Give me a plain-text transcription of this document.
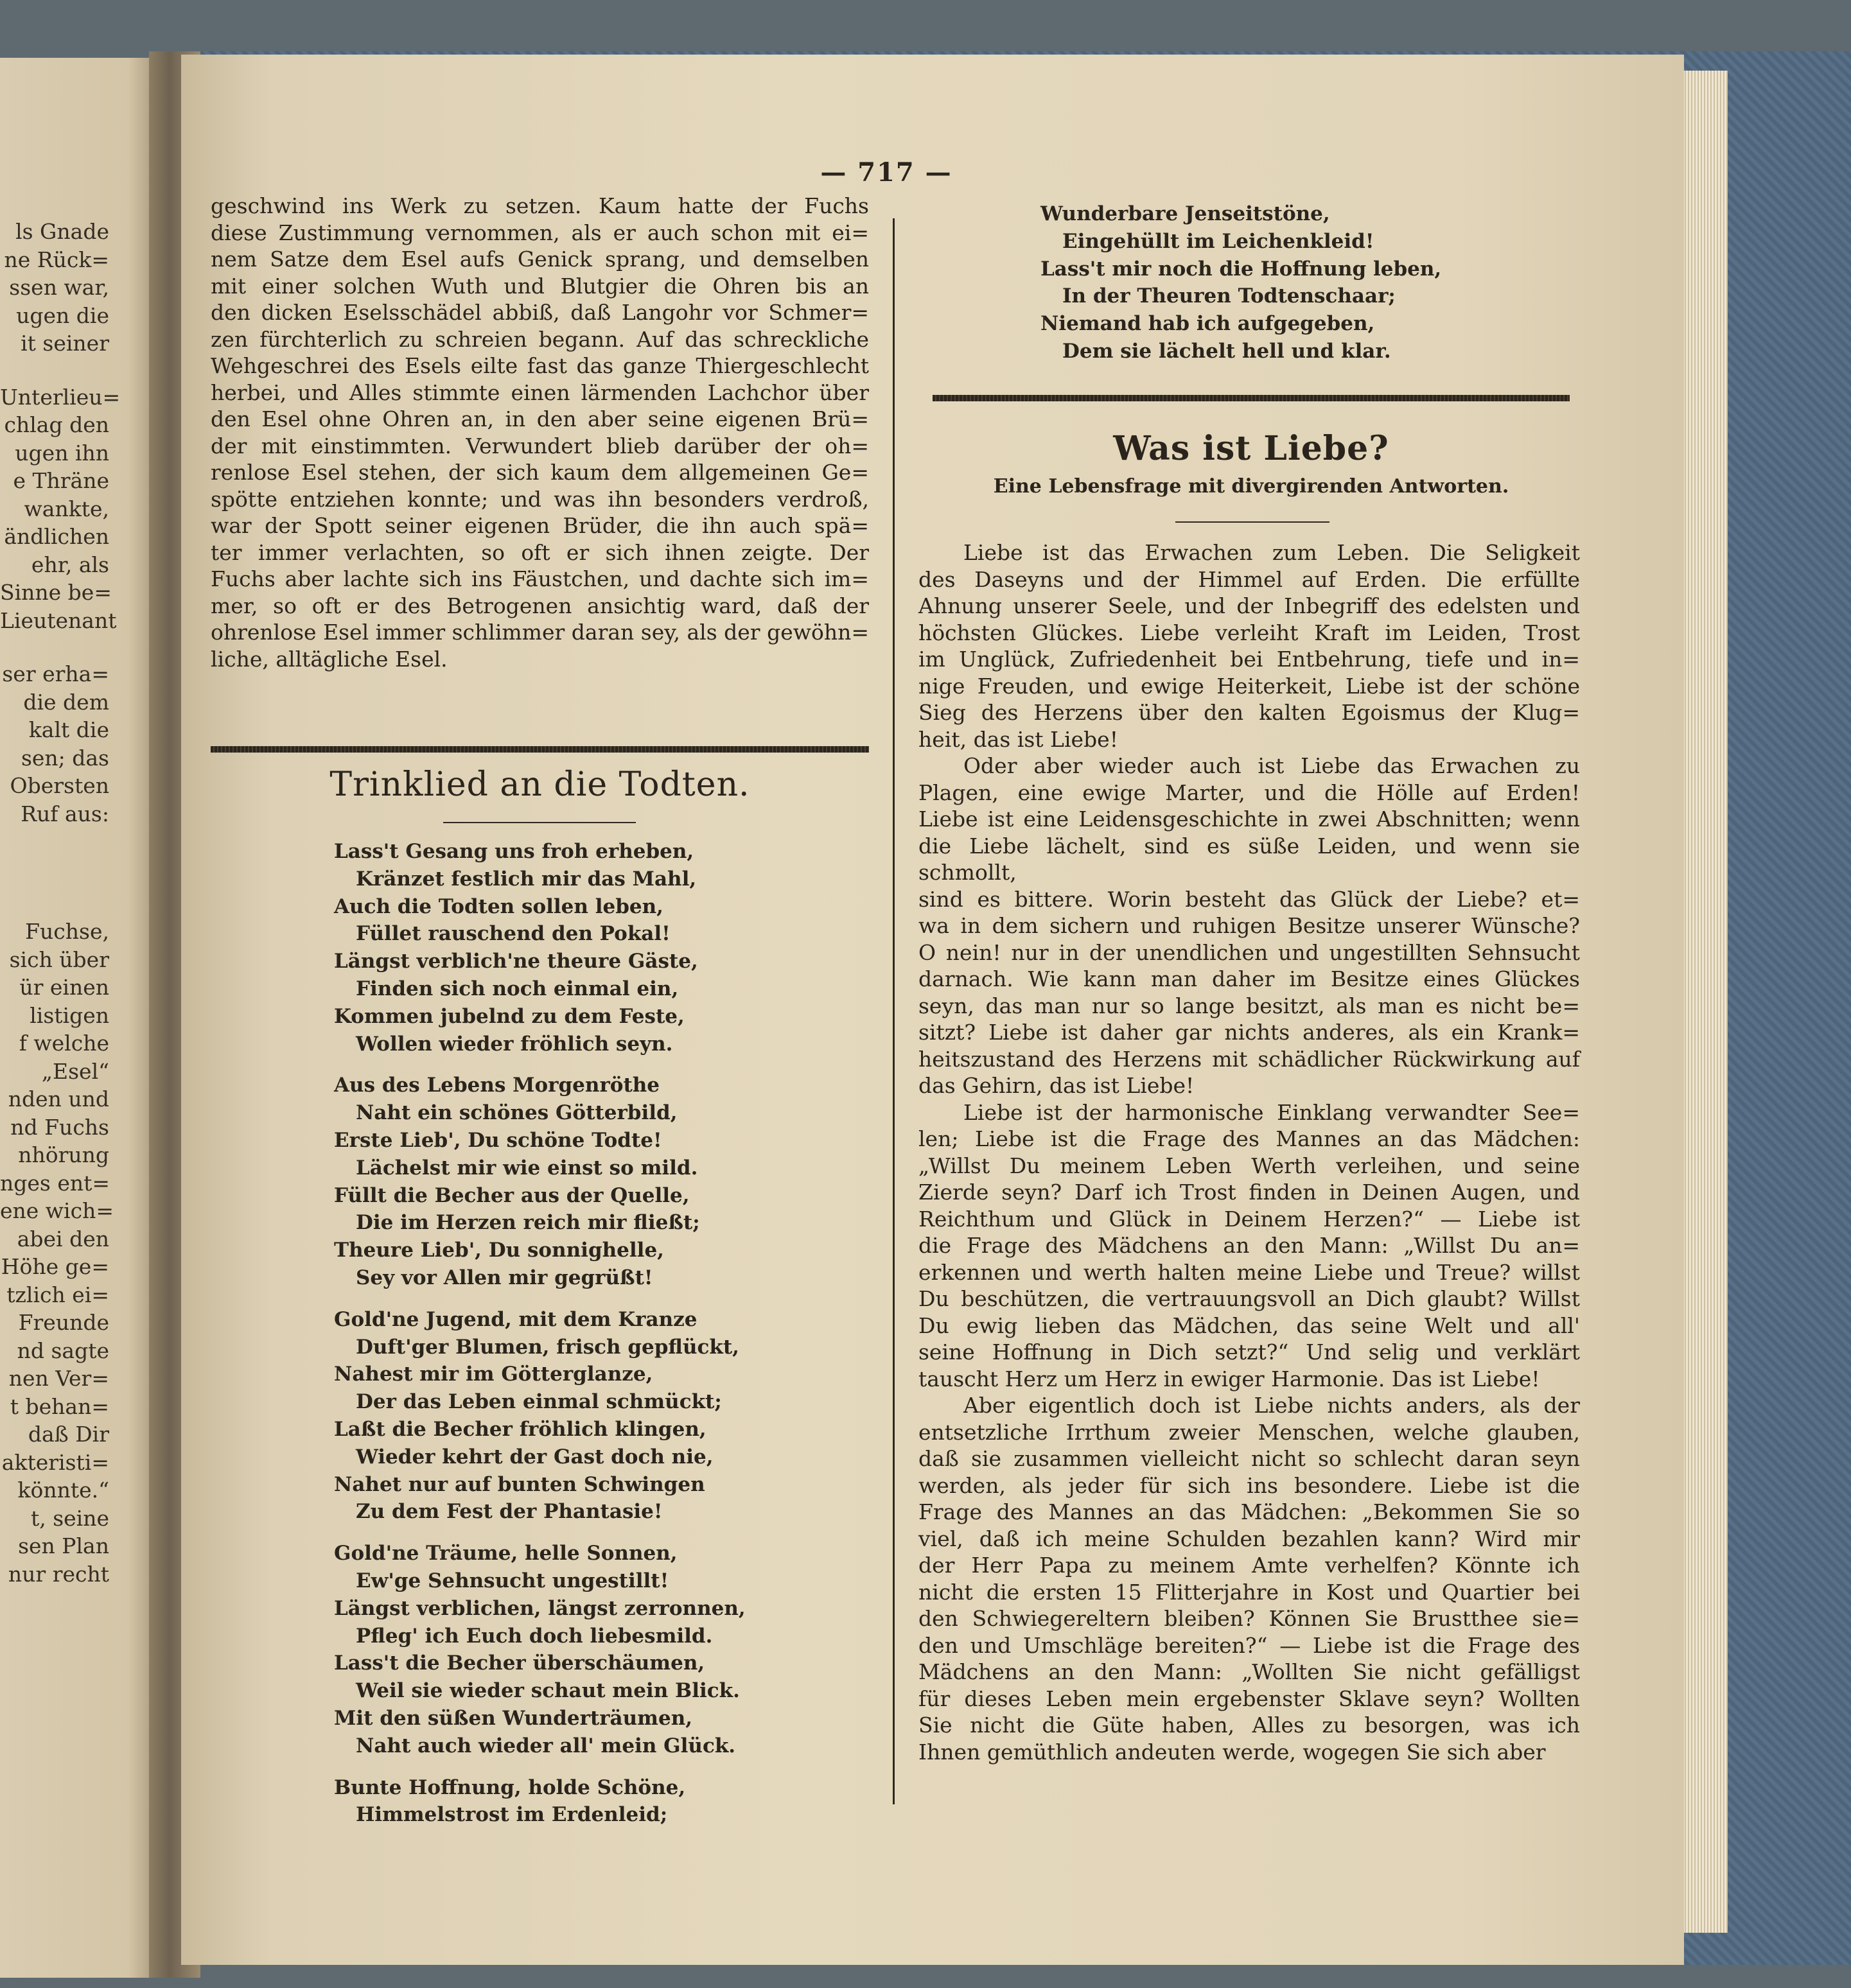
ls Gnade
ne Rück=
ssen war,
ugen die
it seiner
Unterlieu=
chlag den
ugen ihn
e Thräne
wankte,
ändlichen
ehr, als
Sinne be=
Lieutenant
ser erha=
die dem
kalt die
sen; das
Obersten
Ruf aus:
Fuchse,
sich über
ür einen
listigen
f welche
„Esel“
nden und
nd Fuchs
nhörung
nges ent=
ene wich=
abei den
Höhe ge=
tzlich ei=
Freunde
nd sagte
nen Ver=
t behan=
daß Dir
akteristi=
könnte.“
t, seine
sen Plan
nur recht
— 717 —
geschwind ins Werk zu setzen. Kaum hatte der Fuchs
diese Zustimmung vernommen, als er auch schon mit ei=
nem Satze dem Esel aufs Genick sprang, und demselben
mit einer solchen Wuth und Blutgier die Ohren bis an
den dicken Eselsschädel abbiß, daß Langohr vor Schmer=
zen fürchterlich zu schreien begann. Auf das schreckliche
Wehgeschrei des Esels eilte fast das ganze Thiergeschlecht
herbei, und Alles stimmte einen lärmenden Lachchor über
den Esel ohne Ohren an, in den aber seine eigenen Brü=
der mit einstimmten. Verwundert blieb darüber der oh=
renlose Esel stehen, der sich kaum dem allgemeinen Ge=
spötte entziehen konnte; und was ihn besonders verdroß,
war der Spott seiner eigenen Brüder, die ihn auch spä=
ter immer verlachten, so oft er sich ihnen zeigte. Der
Fuchs aber lachte sich ins Fäustchen, und dachte sich im=
mer, so oft er des Betrogenen ansichtig ward, daß der
ohrenlose Esel immer schlimmer daran sey, als der gewöhn=
liche, alltägliche Esel.
Trinklied an die Todten.
Lass't Gesang uns froh erheben,
Kränzet festlich mir das Mahl,
Auch die Todten sollen leben,
Füllet rauschend den Pokal!
Längst verblich'ne theure Gäste,
Finden sich noch einmal ein,
Kommen jubelnd zu dem Feste,
Wollen wieder fröhlich seyn.
Aus des Lebens Morgenröthe
Naht ein schönes Götterbild,
Erste Lieb', Du schöne Todte!
Lächelst mir wie einst so mild.
Füllt die Becher aus der Quelle,
Die im Herzen reich mir fließt;
Theure Lieb', Du sonnighelle,
Sey vor Allen mir gegrüßt!
Gold'ne Jugend, mit dem Kranze
Duft'ger Blumen, frisch gepflückt,
Nahest mir im Götterglanze,
Der das Leben einmal schmückt;
Laßt die Becher fröhlich klingen,
Wieder kehrt der Gast doch nie,
Nahet nur auf bunten Schwingen
Zu dem Fest der Phantasie!
Gold'ne Träume, helle Sonnen,
Ew'ge Sehnsucht ungestillt!
Längst verblichen, längst zerronnen,
Pfleg' ich Euch doch liebesmild.
Lass't die Becher überschäumen,
Weil sie wieder schaut mein Blick.
Mit den süßen Wunderträumen,
Naht auch wieder all' mein Glück.
Bunte Hoffnung, holde Schöne,
Himmelstrost im Erdenleid;
Wunderbare Jenseitstöne,
Eingehüllt im Leichenkleid!
Lass't mir noch die Hoffnung leben,
In der Theuren Todtenschaar;
Niemand hab ich aufgegeben,
Dem sie lächelt hell und klar.
Was ist Liebe?
Eine Lebensfrage mit divergirenden Antworten.
Liebe ist das Erwachen zum Leben. Die Seligkeit
des Daseyns und der Himmel auf Erden. Die erfüllte
Ahnung unserer Seele, und der Inbegriff des edelsten und
höchsten Glückes. Liebe verleiht Kraft im Leiden, Trost
im Unglück, Zufriedenheit bei Entbehrung, tiefe und in=
nige Freuden, und ewige Heiterkeit, Liebe ist der schöne
Sieg des Herzens über den kalten Egoismus der Klug=
heit, das ist Liebe!
Oder aber wieder auch ist Liebe das Erwachen zu
Plagen, eine ewige Marter, und die Hölle auf Erden!
Liebe ist eine Leidensgeschichte in zwei Abschnitten; wenn
die Liebe lächelt, sind es süße Leiden, und wenn sie schmollt,
sind es bittere. Worin besteht das Glück der Liebe? et=
wa in dem sichern und ruhigen Besitze unserer Wünsche?
O nein! nur in der unendlichen und ungestillten Sehnsucht
darnach. Wie kann man daher im Besitze eines Glückes
seyn, das man nur so lange besitzt, als man es nicht be=
sitzt? Liebe ist daher gar nichts anderes, als ein Krank=
heitszustand des Herzens mit schädlicher Rückwirkung auf
das Gehirn, das ist Liebe!
Liebe ist der harmonische Einklang verwandter See=
len; Liebe ist die Frage des Mannes an das Mädchen:
„Willst Du meinem Leben Werth verleihen, und seine
Zierde seyn? Darf ich Trost finden in Deinen Augen, und
Reichthum und Glück in Deinem Herzen?“ — Liebe ist
die Frage des Mädchens an den Mann: „Willst Du an=
erkennen und werth halten meine Liebe und Treue? willst
Du beschützen, die vertrauungsvoll an Dich glaubt? Willst
Du ewig lieben das Mädchen, das seine Welt und all'
seine Hoffnung in Dich setzt?“ Und selig und verklärt
tauscht Herz um Herz in ewiger Harmonie. Das ist Liebe!
Aber eigentlich doch ist Liebe nichts anders, als der
entsetzliche Irrthum zweier Menschen, welche glauben,
daß sie zusammen vielleicht nicht so schlecht daran seyn
werden, als jeder für sich ins besondere. Liebe ist die
Frage des Mannes an das Mädchen: „Bekommen Sie so
viel, daß ich meine Schulden bezahlen kann? Wird mir
der Herr Papa zu meinem Amte verhelfen? Könnte ich
nicht die ersten 15 Flitterjahre in Kost und Quartier bei
den Schwiegereltern bleiben? Können Sie Brustthee sie=
den und Umschläge bereiten?“ — Liebe ist die Frage des
Mädchens an den Mann: „Wollten Sie nicht gefälligst
für dieses Leben mein ergebenster Sklave seyn? Wollten
Sie nicht die Güte haben, Alles zu besorgen, was ich
Ihnen gemüthlich andeuten werde, wogegen Sie sich aber
